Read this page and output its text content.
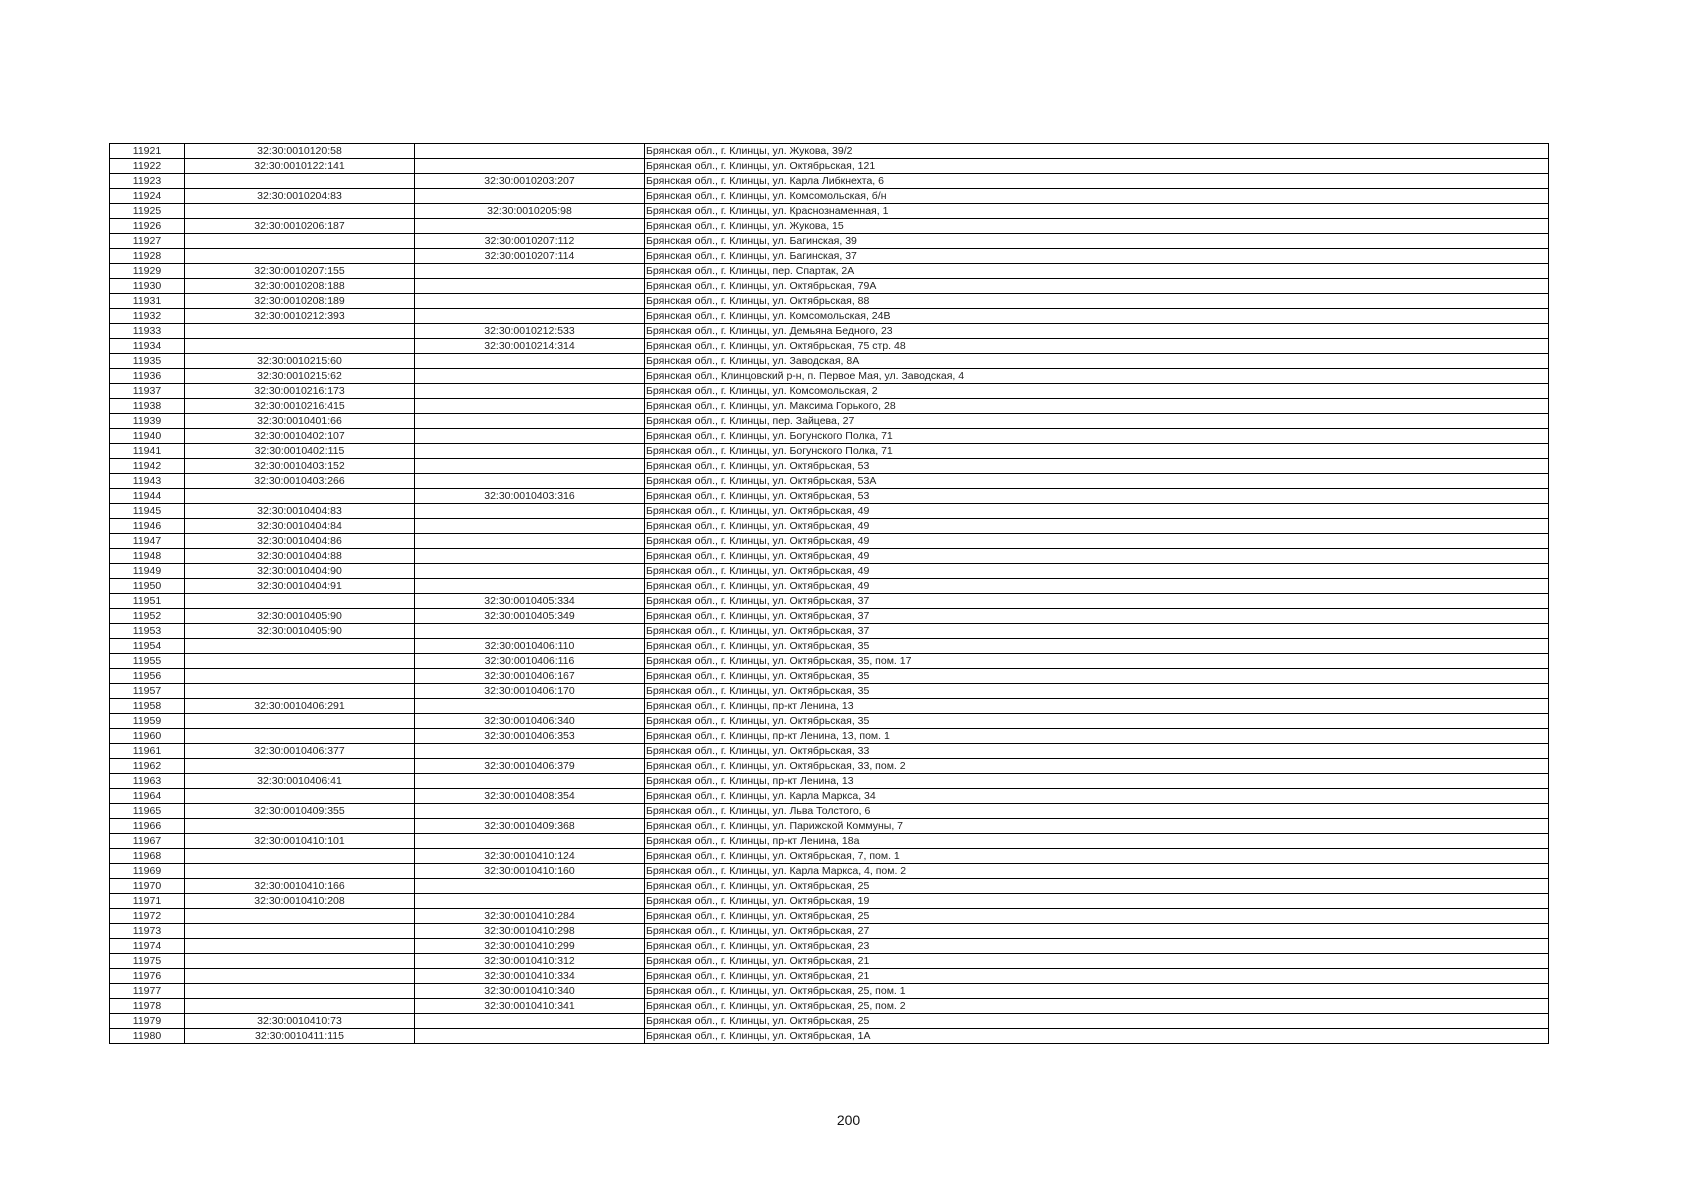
11921	32:30:0010120:58		Брянская обл., г. Клинцы, ул. Жукова, 39/2
11922	32:30:0010122:141		Брянская обл., г. Клинцы, ул. Октябрьская, 121
11923		32:30:0010203:207	Брянская обл., г. Клинцы, ул. Карла Либкнехта, 6
11924	32:30:0010204:83		Брянская обл., г. Клинцы, ул. Комсомольская, б/н
11925		32:30:0010205:98	Брянская обл., г. Клинцы, ул. Краснознаменная, 1
11926	32:30:0010206:187		Брянская обл., г. Клинцы, ул. Жукова, 15
11927		32:30:0010207:112	Брянская обл., г. Клинцы, ул. Багинская, 39
11928		32:30:0010207:114	Брянская обл., г. Клинцы, ул. Багинская, 37
11929	32:30:0010207:155		Брянская обл., г. Клинцы, пер. Спартак, 2А
11930	32:30:0010208:188		Брянская обл., г. Клинцы, ул. Октябрьская, 79А
11931	32:30:0010208:189		Брянская обл., г. Клинцы, ул. Октябрьская, 88
11932	32:30:0010212:393		Брянская обл., г. Клинцы, ул. Комсомольская, 24В
11933		32:30:0010212:533	Брянская обл., г. Клинцы, ул. Демьяна Бедного, 23
11934		32:30:0010214:314	Брянская обл., г. Клинцы, ул. Октябрьская, 75 стр. 48
11935	32:30:0010215:60		Брянская обл., г. Клинцы, ул. Заводская, 8А
11936	32:30:0010215:62		Брянская обл., Клинцовский р-н, п. Первое Мая, ул. Заводская, 4
11937	32:30:0010216:173		Брянская обл., г. Клинцы, ул. Комсомольская, 2
11938	32:30:0010216:415		Брянская обл., г. Клинцы, ул. Максима Горького, 28
11939	32:30:0010401:66		Брянская обл., г. Клинцы, пер. Зайцева, 27
11940	32:30:0010402:107		Брянская обл., г. Клинцы, ул. Богунского Полка, 71
11941	32:30:0010402:115		Брянская обл., г. Клинцы, ул. Богунского Полка, 71
11942	32:30:0010403:152		Брянская обл., г. Клинцы, ул. Октябрьская, 53
11943	32:30:0010403:266		Брянская обл., г. Клинцы, ул. Октябрьская, 53А
11944		32:30:0010403:316	Брянская обл., г. Клинцы, ул. Октябрьская, 53
11945	32:30:0010404:83		Брянская обл., г. Клинцы, ул. Октябрьская, 49
11946	32:30:0010404:84		Брянская обл., г. Клинцы, ул. Октябрьская, 49
11947	32:30:0010404:86		Брянская обл., г. Клинцы, ул. Октябрьская, 49
11948	32:30:0010404:88		Брянская обл., г. Клинцы, ул. Октябрьская, 49
11949	32:30:0010404:90		Брянская обл., г. Клинцы, ул. Октябрьская, 49
11950	32:30:0010404:91		Брянская обл., г. Клинцы, ул. Октябрьская, 49
11951		32:30:0010405:334	Брянская обл., г. Клинцы, ул. Октябрьская, 37
11952	32:30:0010405:90	32:30:0010405:349	Брянская обл., г. Клинцы, ул. Октябрьская, 37
11953	32:30:0010405:90		Брянская обл., г. Клинцы, ул. Октябрьская, 37
11954		32:30:0010406:110	Брянская обл., г. Клинцы, ул. Октябрьская, 35
11955		32:30:0010406:116	Брянская обл., г. Клинцы, ул. Октябрьская, 35, пом. 17
11956		32:30:0010406:167	Брянская обл., г. Клинцы, ул. Октябрьская, 35
11957		32:30:0010406:170	Брянская обл., г. Клинцы, ул. Октябрьская, 35
11958	32:30:0010406:291		Брянская обл., г. Клинцы, пр-кт Ленина, 13
11959		32:30:0010406:340	Брянская обл., г. Клинцы, ул. Октябрьская, 35
11960		32:30:0010406:353	Брянская обл., г. Клинцы, пр-кт Ленина, 13, пом. 1
11961	32:30:0010406:377		Брянская обл., г. Клинцы, ул. Октябрьская, 33
11962		32:30:0010406:379	Брянская обл., г. Клинцы, ул. Октябрьская, 33, пом. 2
11963	32:30:0010406:41		Брянская обл., г. Клинцы, пр-кт Ленина, 13
11964		32:30:0010408:354	Брянская обл., г. Клинцы, ул. Карла Маркса, 34
11965	32:30:0010409:355		Брянская обл., г. Клинцы, ул. Льва Толстого, 6
11966		32:30:0010409:368	Брянская обл., г. Клинцы, ул. Парижской Коммуны, 7
11967	32:30:0010410:101		Брянская обл., г. Клинцы, пр-кт Ленина, 18а
11968		32:30:0010410:124	Брянская обл., г. Клинцы, ул. Октябрьская, 7, пом. 1
11969		32:30:0010410:160	Брянская обл., г. Клинцы, ул. Карла Маркса, 4, пом. 2
11970	32:30:0010410:166		Брянская обл., г. Клинцы, ул. Октябрьская, 25
11971	32:30:0010410:208		Брянская обл., г. Клинцы, ул. Октябрьская, 19
11972		32:30:0010410:284	Брянская обл., г. Клинцы, ул. Октябрьская, 25
11973		32:30:0010410:298	Брянская обл., г. Клинцы, ул. Октябрьская, 27
11974		32:30:0010410:299	Брянская обл., г. Клинцы, ул. Октябрьская, 23
11975		32:30:0010410:312	Брянская обл., г. Клинцы, ул. Октябрьская, 21
11976		32:30:0010410:334	Брянская обл., г. Клинцы, ул. Октябрьская, 21
11977		32:30:0010410:340	Брянская обл., г. Клинцы, ул. Октябрьская, 25, пом. 1
11978		32:30:0010410:341	Брянская обл., г. Клинцы, ул. Октябрьская, 25, пом. 2
11979	32:30:0010410:73		Брянская обл., г. Клинцы, ул. Октябрьская, 25
11980	32:30:0010411:115		Брянская обл., г. Клинцы, ул. Октябрьская, 1А
200
